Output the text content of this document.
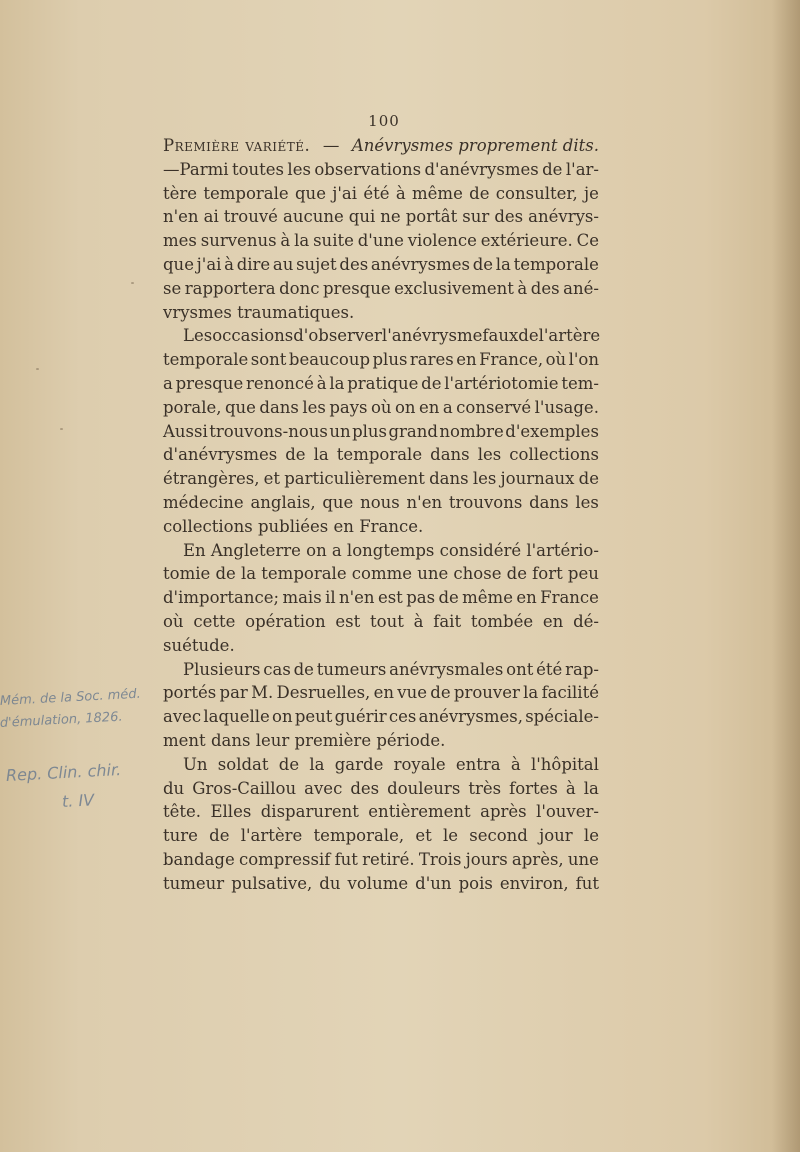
100
Première variété. — Anévrysmes proprement dits.
—Parmi toutes les observations d'anévrysmes de l'ar-
tère temporale que j'ai été à même de consulter, je
n'en ai trouvé aucune qui ne portât sur des anévrys-
mes survenus à la suite d'une violence extérieure. Ce
que j'ai à dire au sujet des anévrysmes de la temporale
se rapportera donc presque exclusivement à des ané-
vrysmes traumatiques.
Les occasions d'observer l'anévrysme faux de l'artère
temporale sont beaucoup plus rares en France, où l'on
a presque renoncé à la pratique de l'artériotomie tem-
porale, que dans les pays où on en a conservé l'usage.
Aussi trouvons-nous un plus grand nombre d'exemples
d'anévrysmes de la temporale dans les collections
étrangères, et particulièrement dans les journaux de
médecine anglais, que nous n'en trouvons dans les
collections publiées en France.
En Angleterre on a longtemps considéré l'artério-
tomie de la temporale comme une chose de fort peu
d'importance; mais il n'en est pas de même en France
où cette opération est tout à fait tombée en dé-
suétude.
Plusieurs cas de tumeurs anévrysmales ont été rap-
portés par M. Desruelles, en vue de prouver la facilité
avec laquelle on peut guérir ces anévrysmes, spéciale-
ment dans leur première période.
Un soldat de la garde royale entra à l'hôpital
du Gros-Caillou avec des douleurs très fortes à la
tête. Elles disparurent entièrement après l'ouver-
ture de l'artère temporale, et le second jour le
bandage compressif fut retiré. Trois jours après, une
tumeur pulsative, du volume d'un pois environ, fut
Mém. de la Soc. méd.
d'émulation, 1826.
Rep. Clin. chir.
t. IV
